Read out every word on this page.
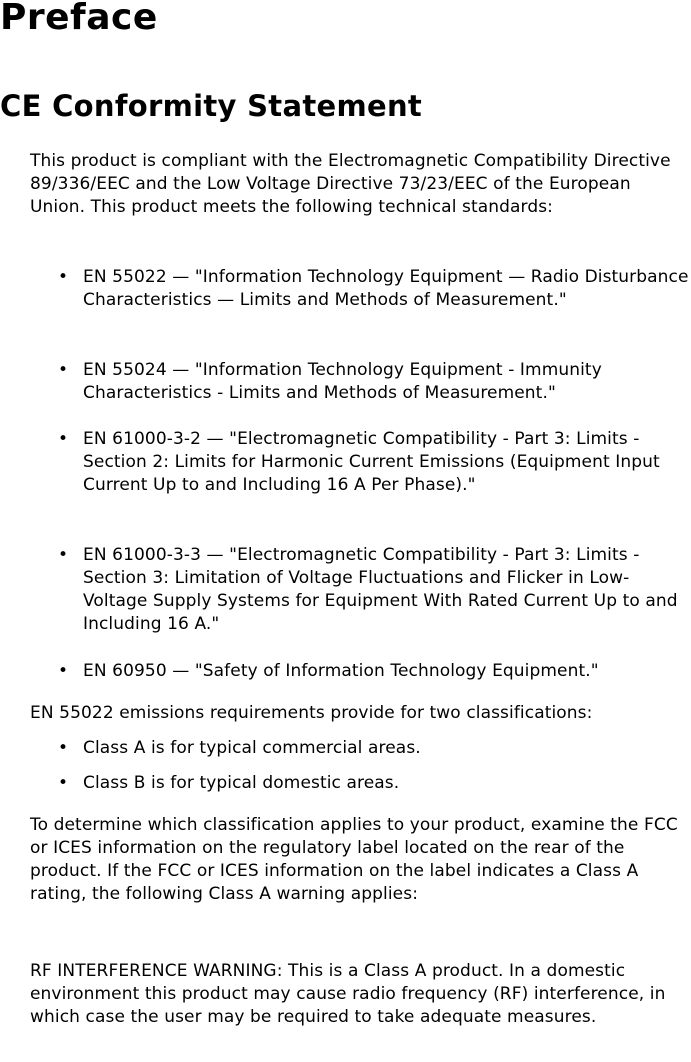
Preface
CE Conformity Statement

This product is compliant with the Electromagnetic Compatibility Directive 89/336/EEC and the Low Voltage Directive 73/23/EEC of the European Union. This product meets the following technical standards:

• EN 55022 — "Information Technology Equipment — Radio Disturbance Characteristics — Limits and Methods of Measurement."
• EN 55024 — "Information Technology Equipment - Immunity Characteristics - Limits and Methods of Measurement."
• EN 61000-3-2 — "Electromagnetic Compatibility - Part 3: Limits - Section 2: Limits for Harmonic Current Emissions (Equipment Input Current Up to and Including 16 A Per Phase)."
• EN 61000-3-3 — "Electromagnetic Compatibility - Part 3: Limits - Section 3: Limitation of Voltage Fluctuations and Flicker in Low-Voltage Supply Systems for Equipment With Rated Current Up to and Including 16 A."
• EN 60950 — "Safety of Information Technology Equipment."

EN 55022 emissions requirements provide for two classifications:

• Class A is for typical commercial areas.
• Class B is for typical domestic areas.

To determine which classification applies to your product, examine the FCC or ICES information on the regulatory label located on the rear of the product. If the FCC or ICES information on the label indicates a Class A rating, the following Class A warning applies:

RF INTERFERENCE WARNING: This is a Class A product. In a domestic environment this product may cause radio frequency (RF) interference, in which case the user may be required to take adequate measures.
